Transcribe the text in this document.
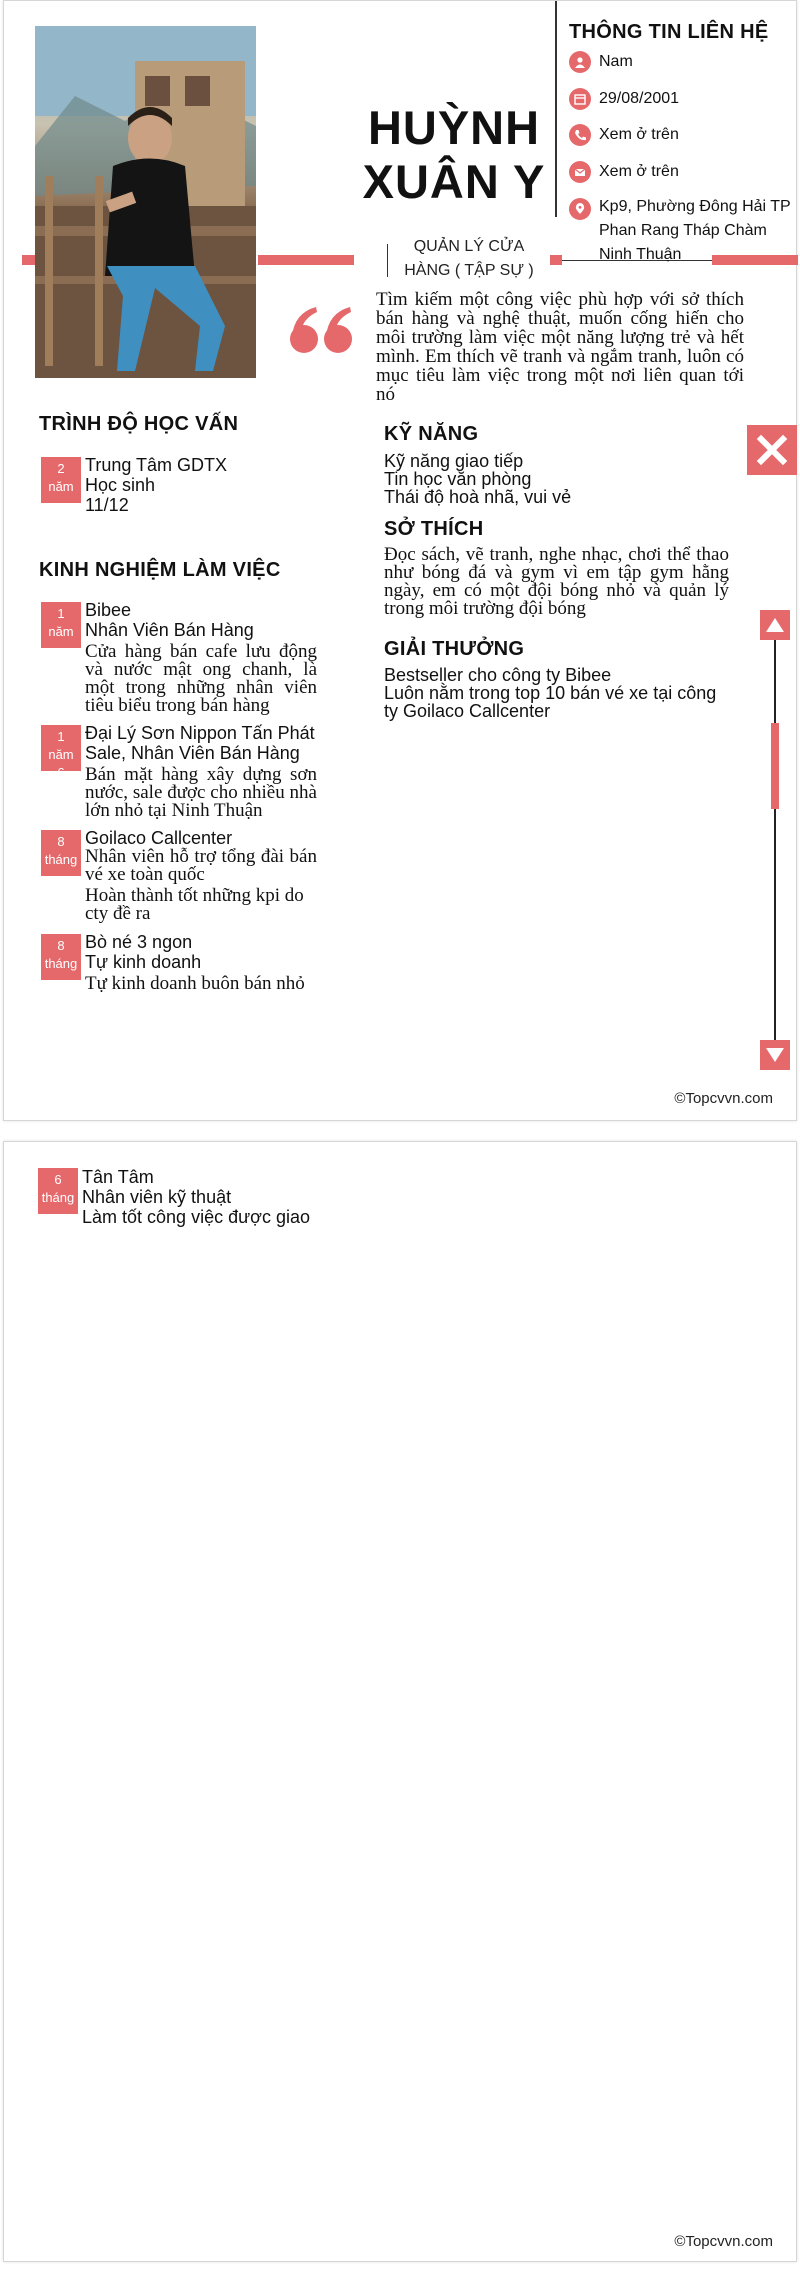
HUỲNH
XUÂN Y
QUẢN LÝ CỬA
HÀNG ( TẬP SỰ )
THÔNG TIN LIÊN HỆ
Nam
29/08/2001
Xem ở trên
Xem ở trên
Kp9, Phường Đông Hải TP
Phan Rang Tháp Chàm
Ninh Thuận
Tìm kiếm một công việc phù hợp với sở thích bán hàng và nghệ thuật, muốn cống hiến cho môi trường làm việc một năng lượng trẻ và hết mình. Em thích vẽ tranh và ngắm tranh, luôn có mục tiêu làm việc trong một nơi liên quan tới nó
TRÌNH ĐỘ HỌC VẤN
2
năm
Trung Tâm GDTX
Học sinh
11/12
KINH NGHIỆM LÀM VIỆC
1
năm
Bibee
Nhân Viên Bán Hàng
Cửa hàng bán cafe lưu động và nước mật ong chanh, là một trong những nhân viên tiêu biểu trong bán hàng
1
năm
6
Đại Lý Sơn Nippon Tấn Phát
Sale, Nhân Viên Bán Hàng
Bán mặt hàng xây dựng sơn nước, sale được cho nhiều nhà lớn nhỏ tại Ninh Thuận
8
tháng
Goilaco Callcenter
Nhân viên hỗ trợ tổng đài bán vé xe toàn quốc
Hoàn thành tốt những kpi do cty đề ra
8
tháng
Bò né 3 ngon
Tự kinh doanh
Tự kinh doanh buôn bán nhỏ
KỸ NĂNG
Kỹ năng giao tiếp
Tin học văn phòng
Thái độ hoà nhã, vui vẻ
SỞ THÍCH
Đọc sách, vẽ tranh, nghe nhạc, chơi thể thao như bóng đá và gym vì em tập gym hằng ngày, em có một đội bóng nhỏ và quản lý trong môi trường đội bóng
GIẢI THƯỞNG
Bestseller cho công ty Bibee
Luôn nằm trong top 10 bán vé xe tại công ty Goilaco Callcenter
©Topcvvn.com
6
tháng
Tân Tâm
Nhân viên kỹ thuật
Làm tốt công việc được giao
©Topcvvn.com
